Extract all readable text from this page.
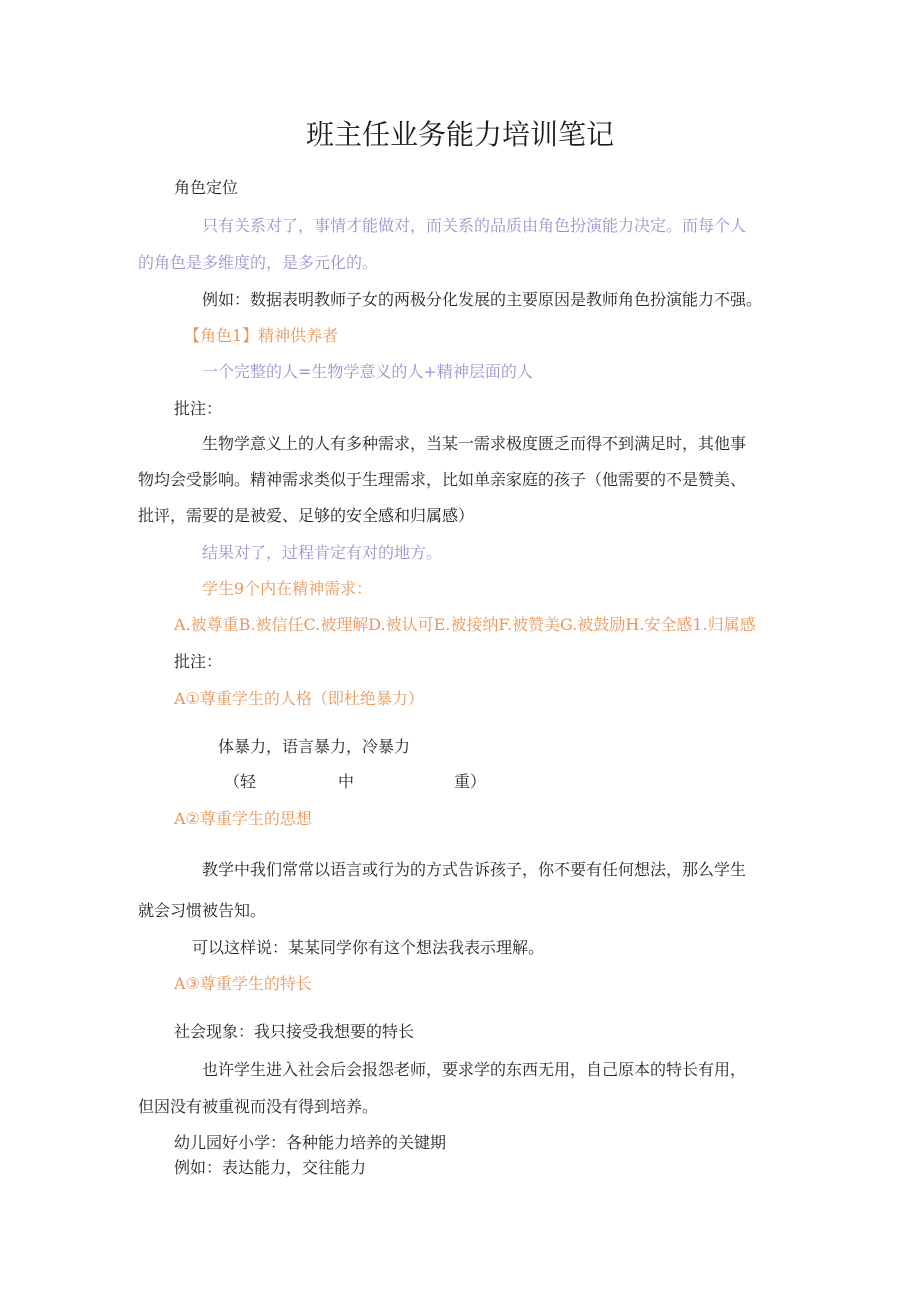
班主任业务能力培训笔记
角色定位
只有关系对了，事情才能做对，而关系的品质由角色扮演能力决定。而每个人
的角色是多维度的，是多元化的。
例如：数据表明教师子女的两极分化发展的主要原因是教师角色扮演能力不强。
【角色1】精神供养者
一个完整的人=生物学意义的人+精神层面的人
批注：
生物学意义上的人有多种需求，当某一需求极度匮乏而得不到满足时，其他事
物均会受影响。精神需求类似于生理需求，比如单亲家庭的孩子（他需要的不是赞美、
批评，需要的是被爱、足够的安全感和归属感）
结果对了，过程肯定有对的地方。
学生9个内在精神需求：
A.被尊重B.被信任C.被理解D.被认可E.被接纳F.被赞美G.被鼓励H.安全感1.归属感
批注：
A①尊重学生的人格（即杜绝暴力）
体暴力，语言暴力，冷暴力
（轻	中	重）
A②尊重学生的思想
教学中我们常常以语言或行为的方式告诉孩子，你不要有任何想法，那么学生
就会习惯被告知。
可以这样说：某某同学你有这个想法我表示理解。
A③尊重学生的特长
社会现象：我只接受我想要的特长
也许学生进入社会后会报怨老师，要求学的东西无用，自己原本的特长有用，
但因没有被重视而没有得到培养。
幼儿园好小学：各种能力培养的关键期
例如：表达能力，交往能力
